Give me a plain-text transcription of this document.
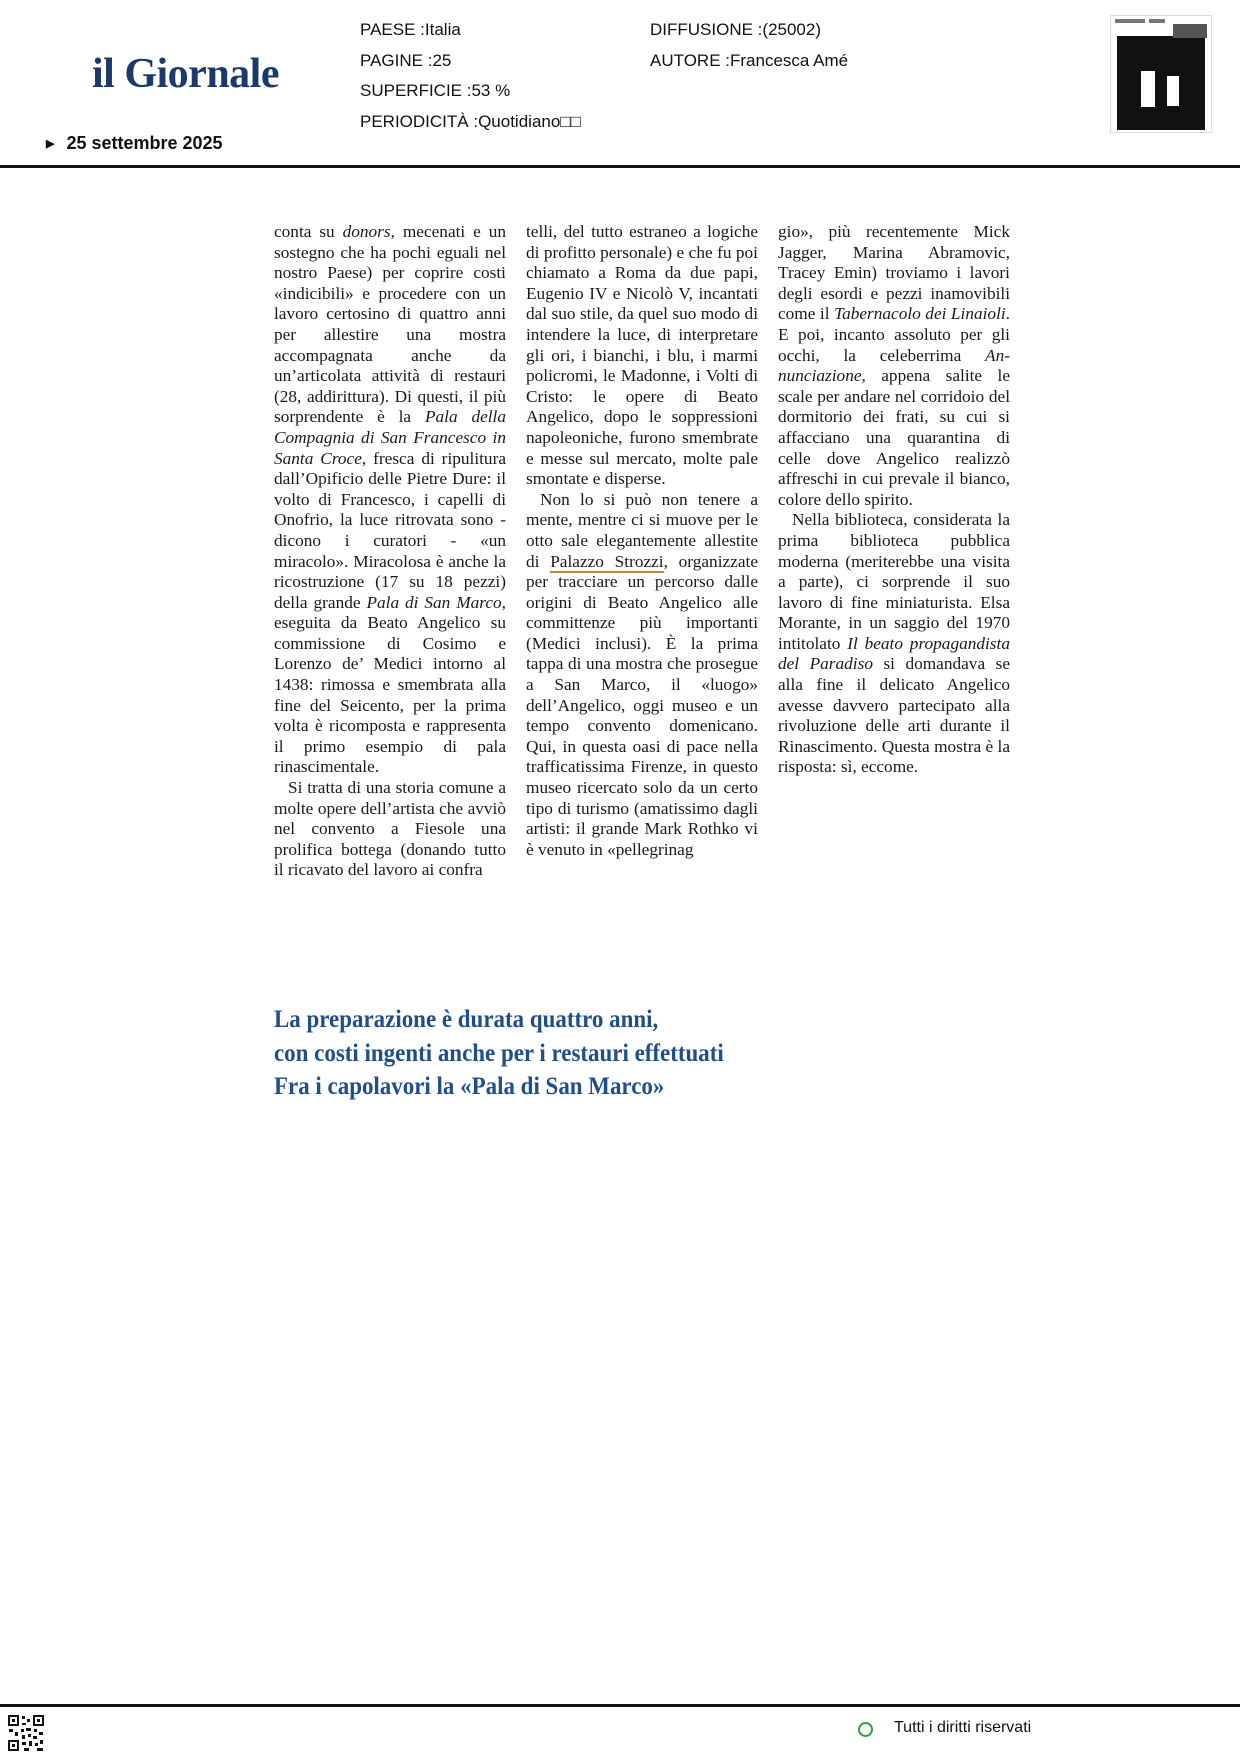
il Giornale
PAESE :Italia
PAGINE :25
SUPERFICIE :53 %
PERIODICITÀ :Quotidiano□□
DIFFUSIONE :(25002)
AUTORE :Francesca Amé
▶ 25 settembre 2025

conta su donors, mecenati e un sostegno che ha pochi eguali nel nostro Paese) per coprire costi «indicibili» e procedere con un lavoro certosino di quattro anni per allestire una mostra accompagnata anche da un’articolata attività di restauri (28, addirittura). Di questi, il più sorprendente è la Pala della Compagnia di San Francesco in Santa Croce, fresca di ripulitura dall’Opificio delle Pietre Dure: il volto di Francesco, i capelli di Onofrio, la luce ritrovata sono - dicono i curatori - «un miracolo». Miracolosa è anche la ricostruzione (17 su 18 pezzi) della grande Pala di San Marco, eseguita da Beato Angelico su commissione di Cosimo e Lorenzo de’ Medici intorno al 1438: rimossa e smembrata alla fine del Seicento, per la prima volta è ricomposta e rappresenta il primo esempio di pala rinascimentale.

Si tratta di una storia comune a molte opere dell’artista che avviò nel convento a Fiesole una prolifica bottega (donando tutto il ricavato del lavoro ai confra

telli, del tutto estraneo a logiche di profitto personale) e che fu poi chiamato a Roma da due papi, Eugenio IV e Nicolò V, incantati dal suo stile, da quel suo modo di intendere la luce, di interpretare gli ori, i bianchi, i blu, i marmi policromi, le Madonne, i Volti di Cristo: le opere di Beato Angelico, dopo le soppressioni napoleoniche, furono smembrate e messe sul mercato, molte pale smontate e disperse.

Non lo si può non tenere a mente, mentre ci si muove per le otto sale elegantemente allestite di Palazzo Strozzi, organizzate per tracciare un percorso dalle origini di Beato Angelico alle committenze più importanti (Medici inclusi). È la prima tappa di una mostra che prosegue a San Marco, il «luogo» dell’Angelico, oggi museo e un tempo convento domenicano. Qui, in questa oasi di pace nella trafficatissima Firenze, in questo museo ricercato solo da un certo tipo di turismo (amatissimo dagli artisti: il grande Mark Rothko vi è venuto in «pellegrinag

gio», più recentemente Mick Jagger, Marina Abramovic, Tracey Emin) troviamo i lavori degli esordi e pezzi inamovibili come il Tabernacolo dei Linaioli. E poi, incanto assoluto per gli occhi, la celeberrima Annunciazione, appena salite le scale per andare nel corridoio del dormitorio dei frati, su cui si affacciano una quarantina di celle dove Angelico realizzò affreschi in cui prevale il bianco, colore dello spirito.

Nella biblioteca, considerata la prima biblioteca pubblica moderna (meriterebbe una visita a parte), ci sorprende il suo lavoro di fine miniaturista. Elsa Morante, in un saggio del 1970 intitolato Il beato propagandista del Paradiso si domandava se alla fine il delicato Angelico avesse davvero partecipato alla rivoluzione delle arti durante il Rinascimento. Questa mostra è la risposta: sì, eccome.

La preparazione è durata quattro anni,
con costi ingenti anche per i restauri effettuati
Fra i capolavori la «Pala di San Marco»
Tutti i diritti riservati
